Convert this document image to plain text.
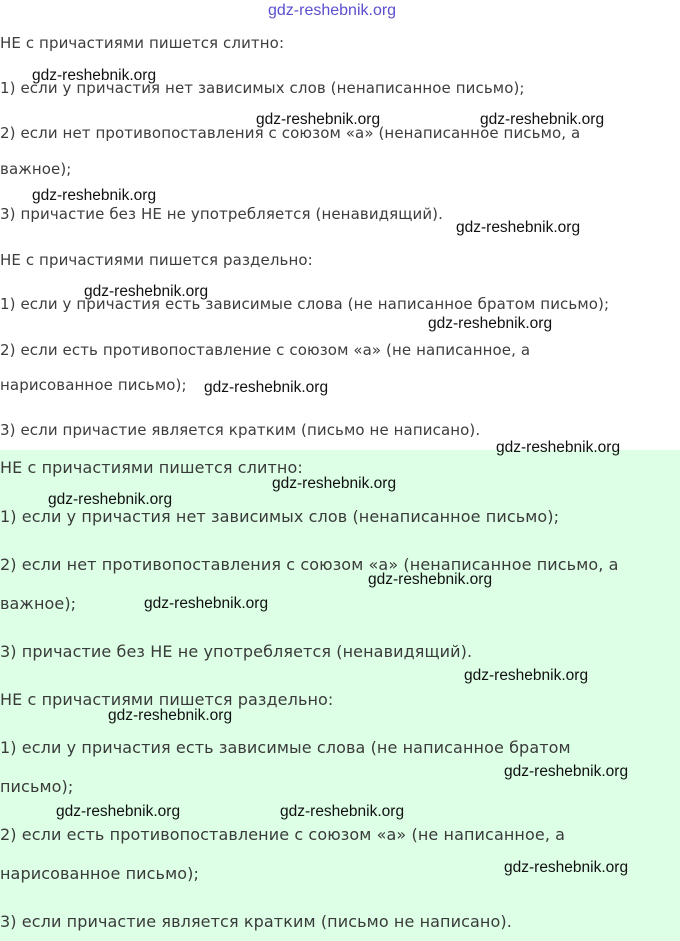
gdz-reshebnik.org
НЕ с причастиями пишется слитно:
1) если у причастия нет зависимых слов (ненаписанное письмо);
2) если нет противопоставления с союзом «а» (ненаписанное письмо, а
важное);
3) причастие без НЕ не употребляется (ненавидящий).
НЕ с причастиями пишется раздельно:
1) если у причастия есть зависимые слова (не написанное братом письмо);
2) если есть противопоставление с союзом «а» (не написанное, а
нарисованное письмо);
3) если причастие является кратким (письмо не написано).
НЕ с причастиями пишется слитно:
1) если у причастия нет зависимых слов (ненаписанное письмо);
2) если нет противопоставления с союзом «а» (ненаписанное письмо, а
важное);
3) причастие без НЕ не употребляется (ненавидящий).
НЕ с причастиями пишется раздельно:
1) если у причастия есть зависимые слова (не написанное братом
письмо);
2) если есть противопоставление с союзом «а» (не написанное, а
нарисованное письмо);
3) если причастие является кратким (письмо не написано).
gdz-reshebnik.org
gdz-reshebnik.org	gdz-reshebnik.org
gdz-reshebnik.org
gdz-reshebnik.org
gdz-reshebnik.org
gdz-reshebnik.org
gdz-reshebnik.org
gdz-reshebnik.org
gdz-reshebnik.org
gdz-reshebnik.org
gdz-reshebnik.org
gdz-reshebnik.org
gdz-reshebnik.org
gdz-reshebnik.org
gdz-reshebnik.org
gdz-reshebnik.org	gdz-reshebnik.org
gdz-reshebnik.org
